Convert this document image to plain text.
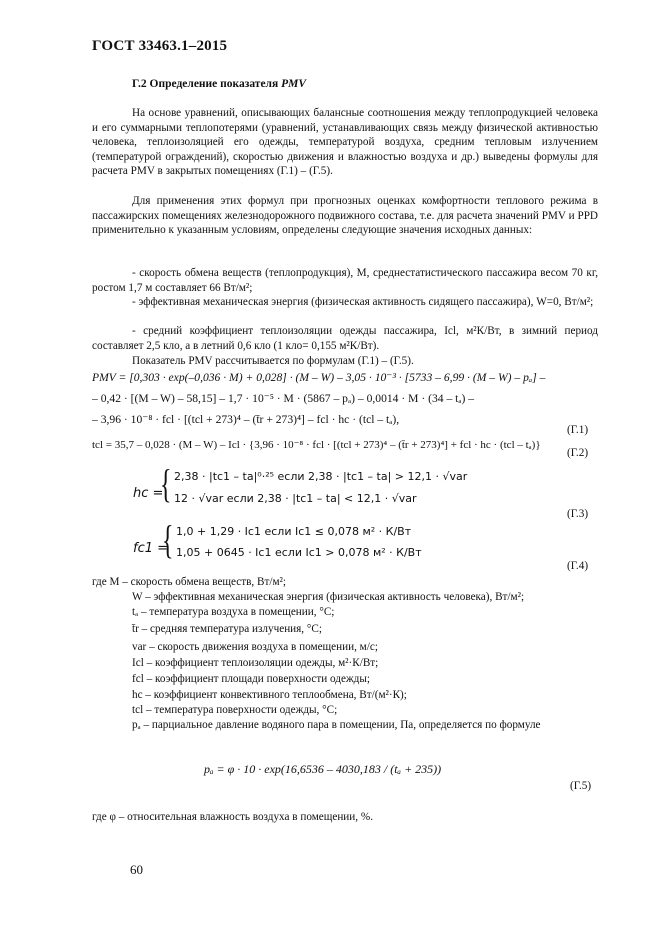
ГОСТ 33463.1–2015
Г.2 Определение показателя PMV
На основе уравнений, описывающих балансные соотношения между теплопродукцией человека и его суммарными теплопотерями (уравнений, устанавливающих связь между физической активностью человека, теплоизоляцией его одежды, температурой воздуха, средним тепловым излучением (температурой ограждений), скоростью движения и влажностью воздуха и др.) выведены формулы для расчета PMV в закрытых помещениях (Г.1) – (Г.5).
Для применения этих формул при прогнозных оценках комфортности теплового режима в пассажирских помещениях железнодорожного подвижного состава, т.е. для расчета значений PMV и PPD применительно к указанным условиям, определены следующие значения исходных данных:
- скорость обмена веществ (теплопродукция), M, среднестатистического пассажира весом 70 кг, ростом 1,7 м составляет 66 Вт/м²;
- эффективная механическая энергия (физическая активность сидящего пассажира), W=0, Вт/м²;
- средний коэффициент теплоизоляции одежды пассажира, Icl, м²К/Вт, в зимний период составляет 2,5 кло, а в летний 0,6 кло (1 кло= 0,155 м²К/Вт).
Показатель PMV рассчитывается по формулам (Г.1) – (Г.5).
PMV = [0,303 · exp(–0,036 · M) + 0,028] · (M – W) – 3,05 · 10⁻³ · [5733 – 6,99 · (M – W) – pₐ] –
– 0,42 · [(M – W) – 58,15] – 1,7 · 10⁻⁵ · M · (5867 – pₐ) – 0,0014 · M · (34 – tₐ) –
– 3,96 · 10⁻⁸ · fcl · [(tcl + 273)⁴ – (t̄r + 273)⁴] – fcl · hc · (tcl – tₐ),
(Г.1)
tcl = 35,7 – 0,028 · (M – W) – Icl · {3,96 · 10⁻⁸ · fcl · [(tcl + 273)⁴ – (t̄r + 273)⁴] + fcl · hc · (tcl – tₐ)}
(Г.2)
hc =
{ 2,38 · |tc1 – ta|⁰·²⁵ если 2,38 · |tc1 – ta| > 12,1 · √var
12 · √var если 2,38 · |tc1 – ta| < 12,1 · √var
(Г.3)
fc1 =
{ 1,0 + 1,29 · Ic1 если Ic1 ≤ 0,078 м² · К/Вт
1,05 + 0645 · Ic1 если Ic1 > 0,078 м² · К/Вт
(Г.4)
где M – скорость обмена веществ, Вт/м²;
W – эффективная механическая энергия (физическая активность человека), Вт/м²;
tₐ – температура воздуха в помещении, °С;
t̄r – средняя температура излучения, °С;
var – скорость движения воздуха в помещении, м/с;
Icl – коэффициент теплоизоляции одежды, м²·К/Вт;
fcl – коэффициент площади поверхности одежды;
hc – коэффициент конвективного теплообмена, Вт/(м²·К);
tcl – температура поверхности одежды, °С;
pₐ – парциальное давление водяного пара в помещении, Па, определяется по формуле
pₐ = φ · 10 · exp(16,6536 – 4030,183 / (tₐ + 235))
(Г.5)
где φ – относительная влажность воздуха в помещении, %.
60
